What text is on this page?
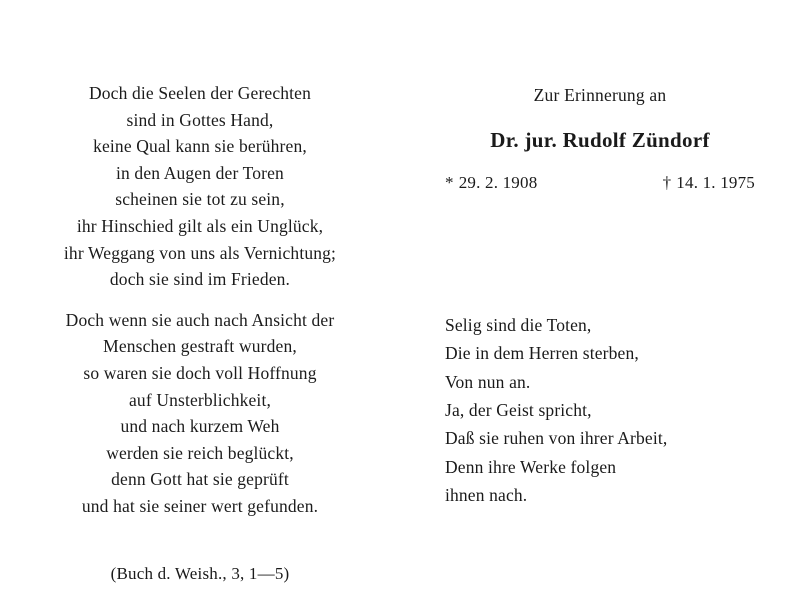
Doch die Seelen der Gerechten
sind in Gottes Hand,
keine Qual kann sie berühren,
in den Augen der Toren
scheinen sie tot zu sein,
ihr Hinschied gilt als ein Unglück,
ihr Weggang von uns als Vernichtung;
doch sie sind im Frieden.
Doch wenn sie auch nach Ansicht der
Menschen gestraft wurden,
so waren sie doch voll Hoffnung
auf Unsterblichkeit,
und nach kurzem Weh
werden sie reich beglückt,
denn Gott hat sie geprüft
und hat sie seiner wert gefunden.
(Buch d. Weish., 3, 1—5)
Zur Erinnerung an
Dr. jur. Rudolf Zündorf
* 29. 2. 1908	† 14. 1. 1975
Selig sind die Toten,
Die in dem Herren sterben,
Von nun an.
Ja, der Geist spricht,
Daß sie ruhen von ihrer Arbeit,
Denn ihre Werke folgen
ihnen nach.
